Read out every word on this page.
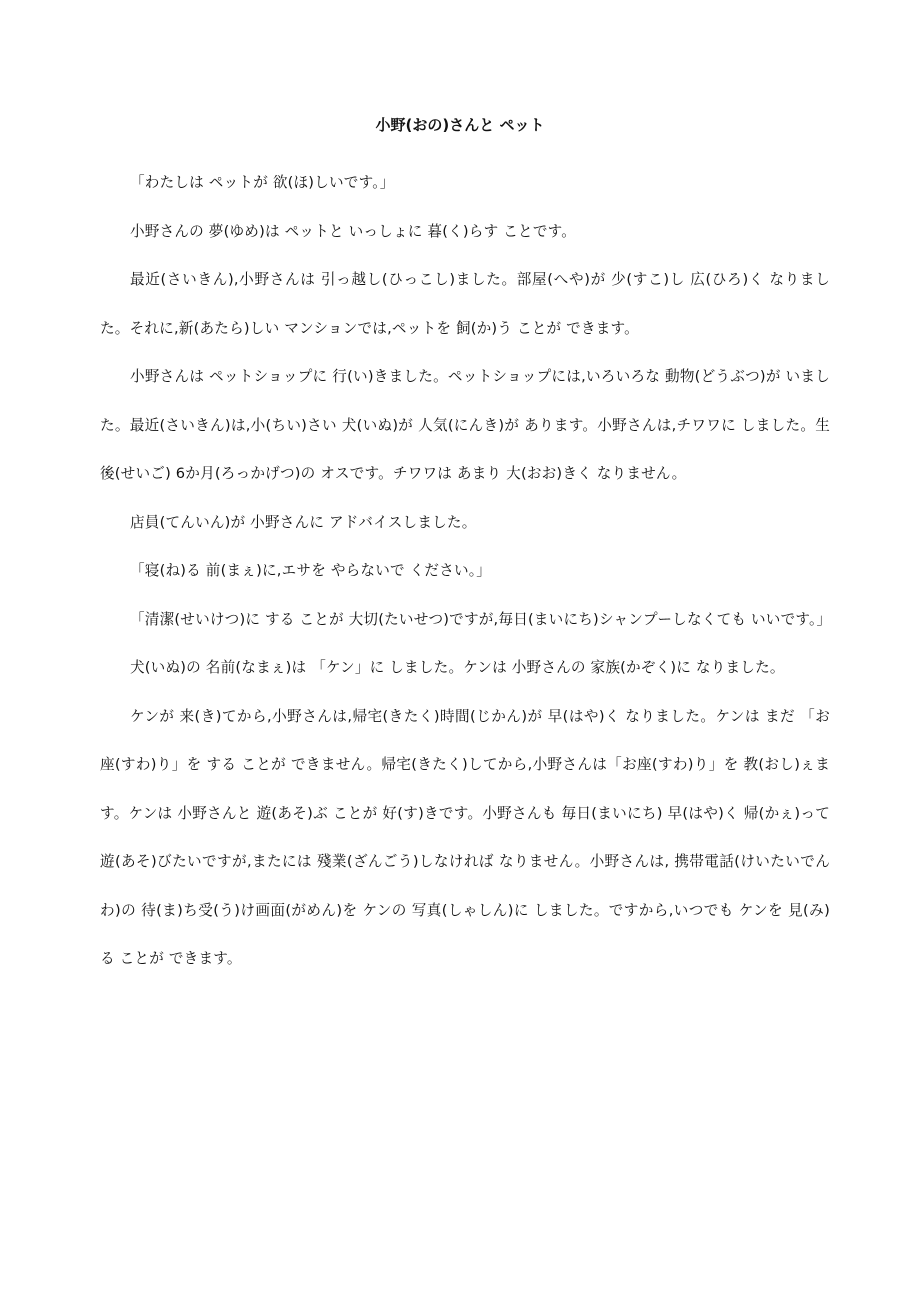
小野(おの)さんと ペット

「わたしは ペットが 欲(ほ)しいです。」

小野さんの 夢(ゆめ)は ペットと いっしょに 暮(く)らす ことです。

最近(さいきん),小野さんは 引っ越し(ひっこし)ました。部屋(へや)が 少(すこ)し 広(ひろ)く なりました。それに,新(あたら)しい マンションでは,ペットを 飼(か)う ことが できます。

小野さんは ペットショップに 行(い)きました。ペットショップには,いろいろな 動物(どうぶつ)が いました。最近(さいきん)は,小(ちい)さい 犬(いぬ)が 人気(にんき)が あります。小野さんは,チワワに しました。生後(せいご) 6か月(ろっかげつ)の オスです。チワワは あまり 大(おお)きく なりません。

店員(てんいん)が 小野さんに アドバイスしました。

「寝(ね)る 前(まぇ)に,エサを やらないで ください。」

「清潔(せいけつ)に する ことが 大切(たいせつ)ですが,毎日(まいにち)シャンプーしなくても いいです。」

犬(いぬ)の 名前(なまぇ)は 「ケン」に しました。ケンは 小野さんの 家族(かぞく)に なりました。

ケンが 来(き)てから,小野さんは,帰宅(きたく)時間(じかん)が 早(はや)く なりました。ケンは まだ 「お座(すわ)り」を する ことが できません。帰宅(きたく)してから,小野さんは「お座(すわ)り」を 教(おし)ぇます。ケンは 小野さんと 遊(あそ)ぶ ことが 好(す)きです。小野さんも 毎日(まいにち) 早(はや)く 帰(かぇ)って 遊(あそ)びたいですが,またには 殘業(ざんごう)しなければ なりません。小野さんは, 携帯電話(けいたいでんわ)の 待(ま)ち受(う)け画面(がめん)を ケンの 写真(しゃしん)に しました。ですから,いつでも ケンを 見(み)る ことが できます。
